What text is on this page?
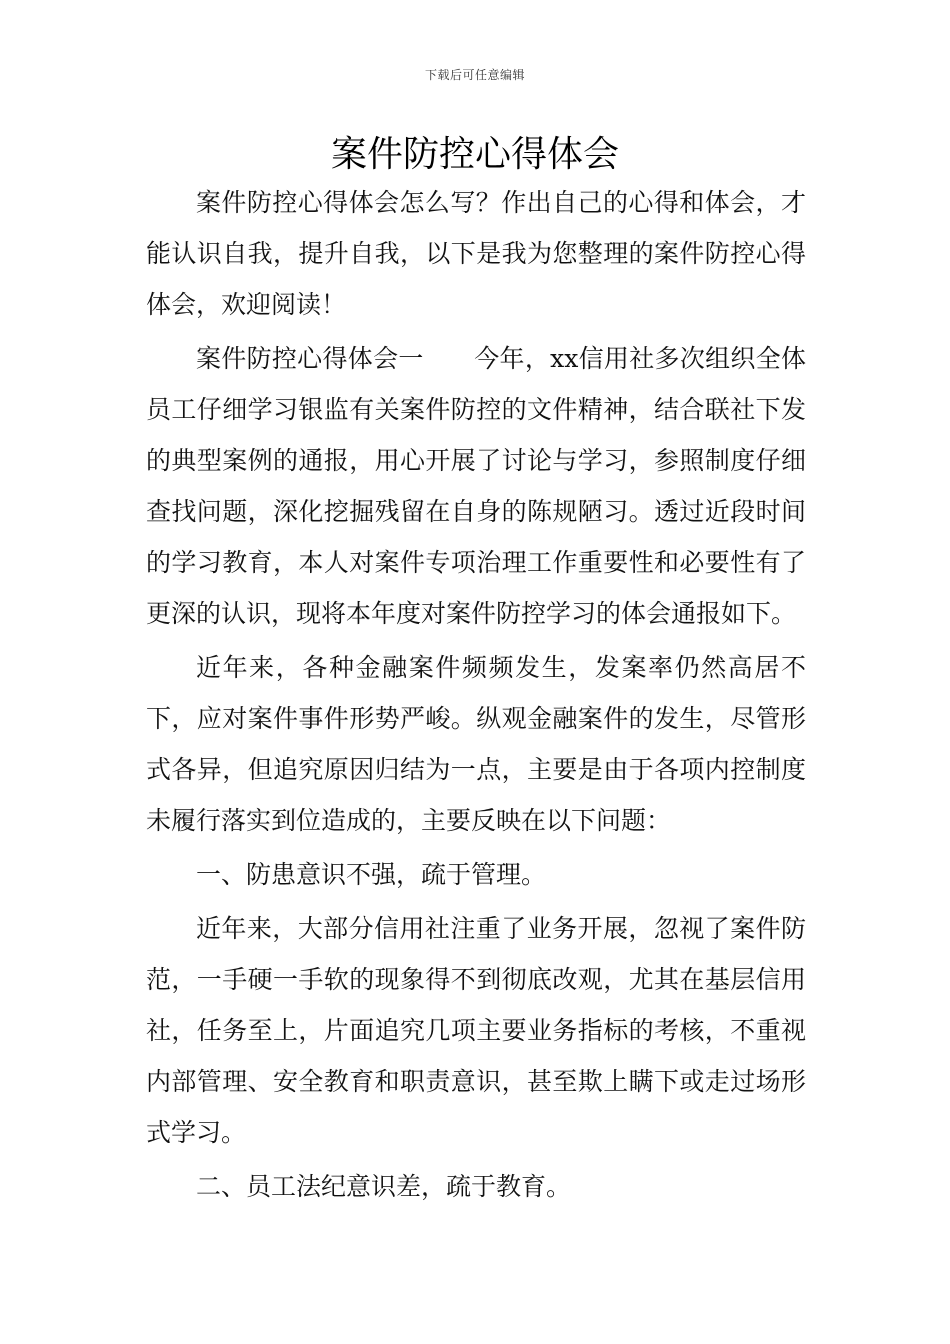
下载后可任意编辑
案件防控心得体会

案件防控心得体会怎么写？作出自己的心得和体会，才能认识自我，提升自我，以下是我为您整理的案件防控心得体会，欢迎阅读！

案件防控心得体会一　　今年，xx信用社多次组织全体员工仔细学习银监有关案件防控的文件精神，结合联社下发的典型案例的通报，用心开展了讨论与学习，参照制度仔细查找问题，深化挖掘残留在自身的陈规陋习。透过近段时间的学习教育，本人对案件专项治理工作重要性和必要性有了更深的认识，现将本年度对案件防控学习的体会通报如下。

近年来，各种金融案件频频发生，发案率仍然高居不下，应对案件事件形势严峻。纵观金融案件的发生，尽管形式各异，但追究原因归结为一点，主要是由于各项内控制度未履行落实到位造成的，主要反映在以下问题：

一、防患意识不强，疏于管理。

近年来，大部分信用社注重了业务开展，忽视了案件防范，一手硬一手软的现象得不到彻底改观，尤其在基层信用社，任务至上，片面追究几项主要业务指标的考核，不重视内部管理、安全教育和职责意识，甚至欺上瞒下或走过场形式学习。

二、员工法纪意识差，疏于教育。
